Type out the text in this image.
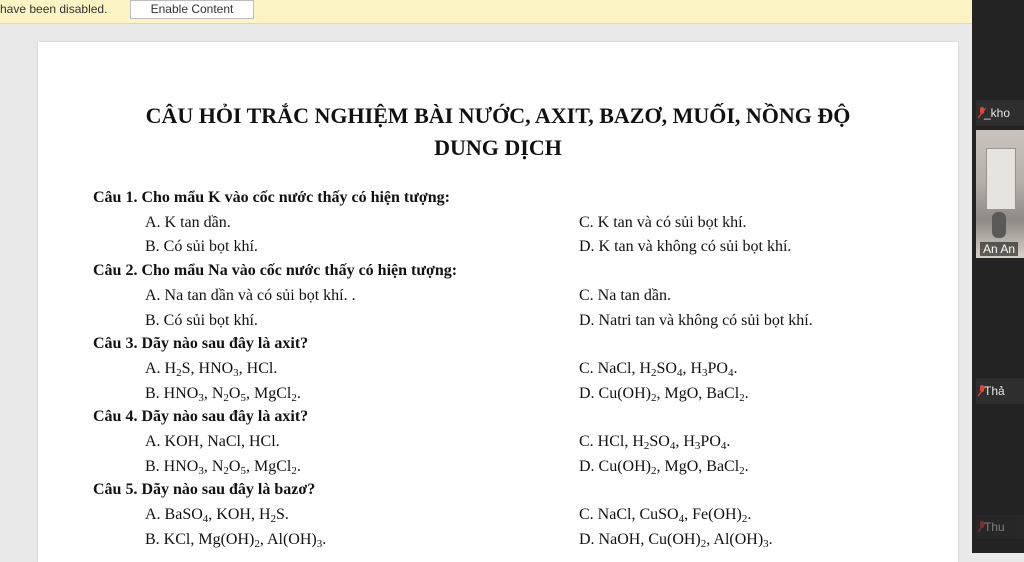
have been disabled.	Enable Content
CÂU HỎI TRẮC NGHIỆM BÀI NƯỚC, AXIT, BAZƠ, MUỐI, NỒNG ĐỘ
DUNG DỊCH
Câu 1. Cho mẩu K vào cốc nước thấy có hiện tượng:
A. K tan dần.	C. K tan và có sủi bọt khí.
B. Có sủi bọt khí.	D. K tan và không có sủi bọt khí.
Câu 2. Cho mẩu Na vào cốc nước thấy có hiện tượng:
A. Na tan dần và có sủi bọt khí. .	C. Na tan dần.
B. Có sủi bọt khí.	D. Natri tan và không có sủi bọt khí.
Câu 3. Dãy nào sau đây là axit?
A. H2S, HNO3, HCl.	C. NaCl, H2SO4, H3PO4.
B. HNO3, N2O5, MgCl2.	D. Cu(OH)2, MgO, BaCl2.
Câu 4. Dãy nào sau đây là axit?
A. KOH, NaCl, HCl.	C. HCl, H2SO4, H3PO4.
B. HNO3, N2O5, MgCl2.	D. Cu(OH)2, MgO, BaCl2.
Câu 5. Dãy nào sau đây là bazơ?
A. BaSO4, KOH, H2S.	C. NaCl, CuSO4, Fe(OH)2.
B. KCl, Mg(OH)2, Al(OH)3.	D. NaOH, Cu(OH)2, Al(OH)3.
_kho
An An
Thả
Thu
